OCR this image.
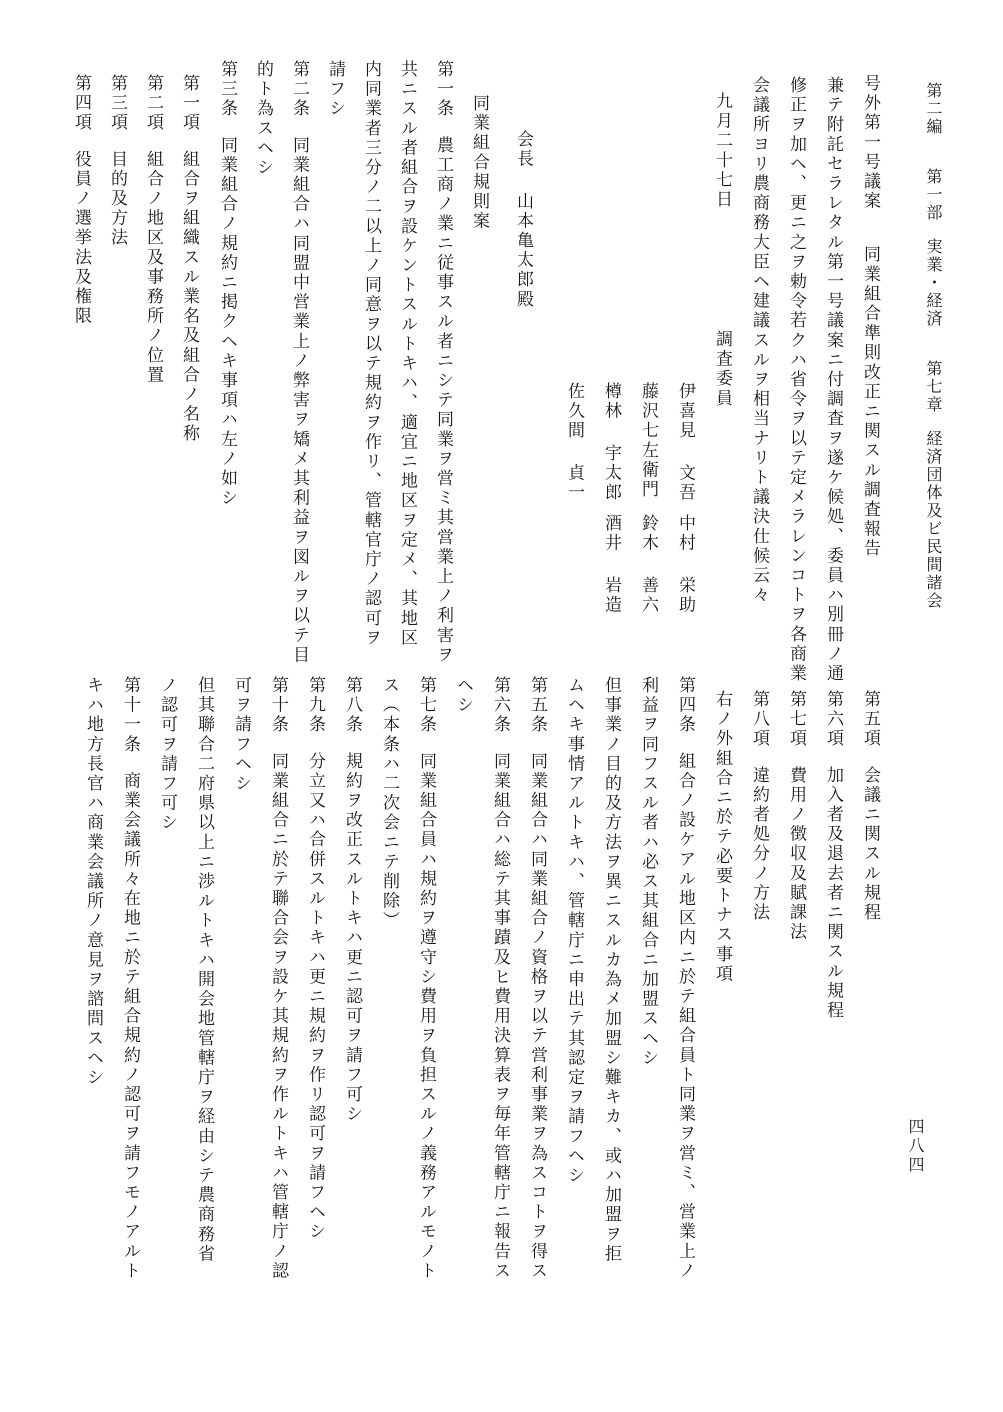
第二編第一部実業・経済第七章経済団体及ビ民間諸会
四八四
号外第一号議案同業組合準則改正ニ関スル調査報告
兼テ附託セラレタル第一号議案ニ付調査ヲ遂ケ候処、委員ハ別冊ノ通
修正ヲ加ヘ、更ニ之ヲ勅令若クハ省令ヲ以テ定メラレンコトヲ各商業
会議所ヨリ農商務大臣ヘ建議スルヲ相当ナリト議決仕候云々
九月二十七日
調査委員
伊喜見 文吾
中村 栄助
藤沢七左衛門
鈴木 善六
樽林 宇太郎
酒井 岩造
佐久間 貞一
会長 山本亀太郎殿
同業組合規則案
第一条農工商ノ業ニ従事スル者ニシテ同業ヲ営ミ其営業上ノ利害ヲ
共ニスル者組合ヲ設ケントスルトキハ、適宜ニ地区ヲ定メ、其地区
内同業者三分ノ二以上ノ同意ヲ以テ規約ヲ作リ、管轄官庁ノ認可ヲ
請フシ
第二条同業組合ハ同盟中営業上ノ弊害ヲ矯メ其利益ヲ図ルヲ以テ目
的ト為スヘシ
第三条同業組合ノ規約ニ掲クヘキ事項ハ左ノ如シ
第一項組合ヲ組織スル業名及組合ノ名称
第二項組合ノ地区及事務所ノ位置
第三項目的及方法
第四項役員ノ選挙法及権限
第五項会議ニ関スル規程
第六項加入者及退去者ニ関スル規程
第七項費用ノ徴収及賦課法
第八項違約者処分ノ方法
右ノ外組合ニ於テ必要トナス事項
第四条組合ノ設ケアル地区内ニ於テ組合員ト同業ヲ営ミ、営業上ノ
利益ヲ同フスル者ハ必ス其組合ニ加盟スヘシ
但事業ノ目的及方法ヲ異ニスルカ為メ加盟シ難キカ、或ハ加盟ヲ拒
ムヘキ事情アルトキハ、管轄庁ニ申出テ其認定ヲ請フヘシ
第五条同業組合ハ同業組合ノ資格ヲ以テ営利事業ヲ為スコトヲ得ス
第六条同業組合ハ総テ其事蹟及ヒ費用決算表ヲ毎年管轄庁ニ報告ス
ヘシ
第七条同業組合員ハ規約ヲ遵守シ費用ヲ負担スルノ義務アルモノト
ス（本条ハ二次会ニテ削除）
第八条規約ヲ改正スルトキハ更ニ認可ヲ請フ可シ
第九条分立又ハ合併スルトキハ更ニ規約ヲ作リ認可ヲ請フヘシ
第十条同業組合ニ於テ聯合会ヲ設ケ其規約ヲ作ルトキハ管轄庁ノ認
可ヲ請フヘシ
但其聯合二府県以上ニ渉ルトキハ開会地管轄庁ヲ経由シテ農商務省
ノ認可ヲ請フ可シ
第十一条商業会議所々在地ニ於テ組合規約ノ認可ヲ請フモノアルト
キハ地方長官ハ商業会議所ノ意見ヲ諮問スヘシ
